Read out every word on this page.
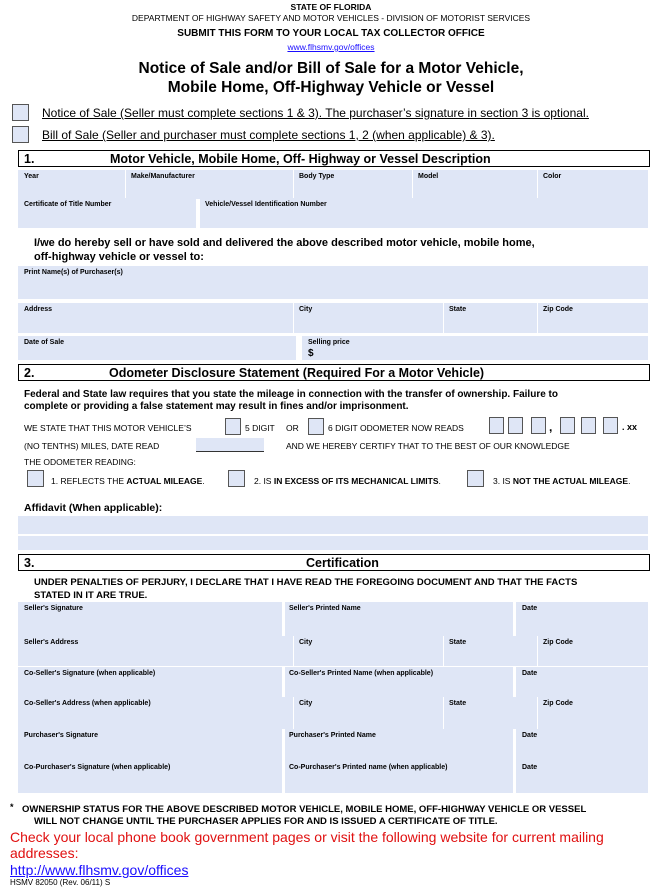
STATE OF FLORIDA
DEPARTMENT OF HIGHWAY SAFETY AND MOTOR VEHICLES - DIVISION OF MOTORIST SERVICES
SUBMIT THIS FORM TO YOUR LOCAL TAX COLLECTOR OFFICE
www.flhsmv.gov/offices
Notice of Sale and/or Bill of Sale for a Motor Vehicle,
Mobile Home, Off-Highway Vehicle or Vessel
Notice of Sale (Seller must complete sections 1 & 3). The purchaser’s signature in section 3 is optional.
Bill of Sale (Seller and purchaser must complete sections 1, 2 (when applicable) & 3).
1.	Motor Vehicle, Mobile Home, Off- Highway or Vessel Description
Year	Make/Manufacturer	Body Type	Model	Color
Certificate of Title Number	Vehicle/Vessel Identification Number
I/we do hereby sell or have sold and delivered the above described motor vehicle, mobile home,
off-highway vehicle or vessel to:
Print Name(s) of Purchaser(s)
Address	City	State	Zip Code
Date of Sale	Selling price
$
2.	Odometer Disclosure Statement (Required For a Motor Vehicle)
Federal and State law requires that you state the mileage in connection with the transfer of ownership. Failure to
complete or providing a false statement may result in fines and/or imprisonment.
WE STATE THAT THIS MOTOR VEHICLE’S	5 DIGIT OR	6 DIGIT ODOMETER NOW READS	,	. xx
(NO TENTHS) MILES, DATE READ	AND WE HEREBY CERTIFY THAT TO THE BEST OF OUR KNOWLEDGE
THE ODOMETER READING:
1. REFLECTS THE ACTUAL MILEAGE.	2. IS IN EXCESS OF ITS MECHANICAL LIMITS.	3. IS NOT THE ACTUAL MILEAGE.
Affidavit (When applicable):
3.	Certification
UNDER PENALTIES OF PERJURY, I DECLARE THAT I HAVE READ THE FOREGOING DOCUMENT AND THAT THE FACTS
STATED IN IT ARE TRUE.
Seller's Signature	Seller's Printed Name	Date
Seller's Address	City	State	Zip Code
Co-Seller's Signature (when applicable)	Co-Seller's Printed Name (when applicable)	Date
Co-Seller's Address (when applicable)	City	State	Zip Code
Purchaser's Signature	Purchaser's Printed Name	Date
Co-Purchaser's Signature (when applicable)	Co-Purchaser's Printed name (when applicable)	Date
* OWNERSHIP STATUS FOR THE ABOVE DESCRIBED MOTOR VEHICLE, MOBILE HOME, OFF-HIGHWAY VEHICLE OR VESSEL
WILL NOT CHANGE UNTIL THE PURCHASER APPLIES FOR AND IS ISSUED A CERTIFICATE OF TITLE.
Check your local phone book government pages or visit the following website for current mailing
addresses:
http://www.flhsmv.gov/offices
HSMV 82050 (Rev. 06/11) S
